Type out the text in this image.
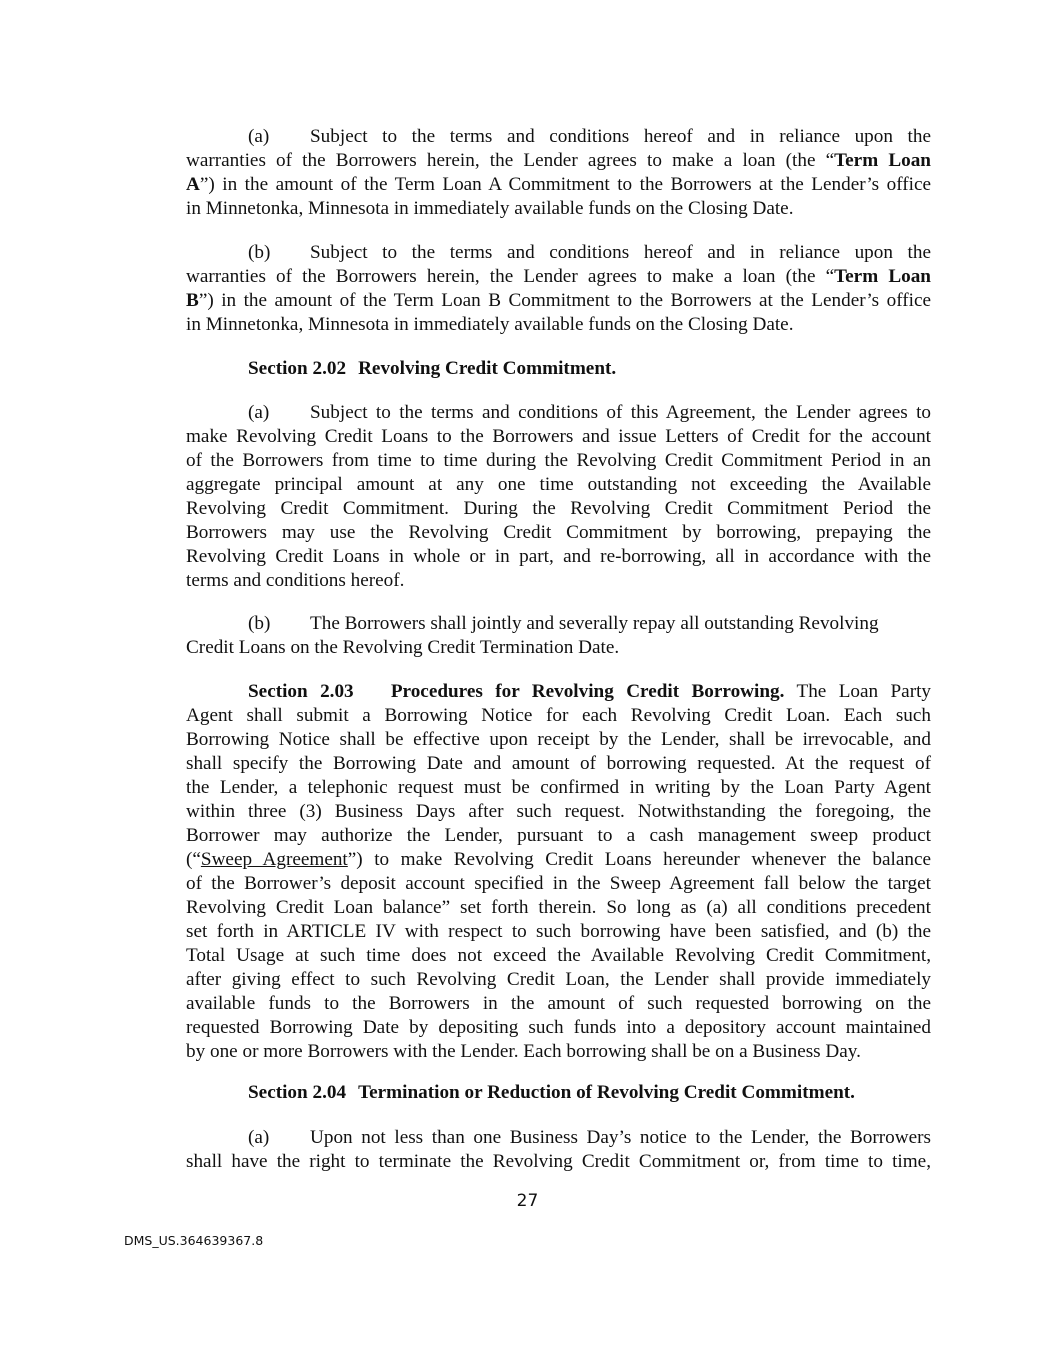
(a) Subject to the terms and conditions hereof and in reliance upon the
warranties of the Borrowers herein, the Lender agrees to make a loan (the “Term Loan
A”) in the amount of the Term Loan A Commitment to the Borrowers at the Lender’s office
in Minnetonka, Minnesota in immediately available funds on the Closing Date.
(b) Subject to the terms and conditions hereof and in reliance upon the
warranties of the Borrowers herein, the Lender agrees to make a loan (the “Term Loan
B”) in the amount of the Term Loan B Commitment to the Borrowers at the Lender’s office
in Minnetonka, Minnesota in immediately available funds on the Closing Date.
Section 2.02 Revolving Credit Commitment.
(a) Subject to the terms and conditions of this Agreement, the Lender agrees to
make Revolving Credit Loans to the Borrowers and issue Letters of Credit for the account
of the Borrowers from time to time during the Revolving Credit Commitment Period in an
aggregate principal amount at any one time outstanding not exceeding the Available
Revolving Credit Commitment. During the Revolving Credit Commitment Period the
Borrowers may use the Revolving Credit Commitment by borrowing, prepaying the
Revolving Credit Loans in whole or in part, and re-borrowing, all in accordance with the
terms and conditions hereof.
(b) The Borrowers shall jointly and severally repay all outstanding Revolving
Credit Loans on the Revolving Credit Termination Date.
Section 2.03 Procedures for Revolving Credit Borrowing. The Loan Party
Agent shall submit a Borrowing Notice for each Revolving Credit Loan. Each such
Borrowing Notice shall be effective upon receipt by the Lender, shall be irrevocable, and
shall specify the Borrowing Date and amount of borrowing requested. At the request of
the Lender, a telephonic request must be confirmed in writing by the Loan Party Agent
within three (3) Business Days after such request. Notwithstanding the foregoing, the
Borrower may authorize the Lender, pursuant to a cash management sweep product
(“Sweep Agreement”) to make Revolving Credit Loans hereunder whenever the balance
of the Borrower’s deposit account specified in the Sweep Agreement fall below the target
Revolving Credit Loan balance” set forth therein. So long as (a) all conditions precedent
set forth in ARTICLE IV with respect to such borrowing have been satisfied, and (b) the
Total Usage at such time does not exceed the Available Revolving Credit Commitment,
after giving effect to such Revolving Credit Loan, the Lender shall provide immediately
available funds to the Borrowers in the amount of such requested borrowing on the
requested Borrowing Date by depositing such funds into a depository account maintained
by one or more Borrowers with the Lender. Each borrowing shall be on a Business Day.
Section 2.04 Termination or Reduction of Revolving Credit Commitment.
(a) Upon not less than one Business Day’s notice to the Lender, the Borrowers
shall have the right to terminate the Revolving Credit Commitment or, from time to time,
27
DMS_US.364639367.8
